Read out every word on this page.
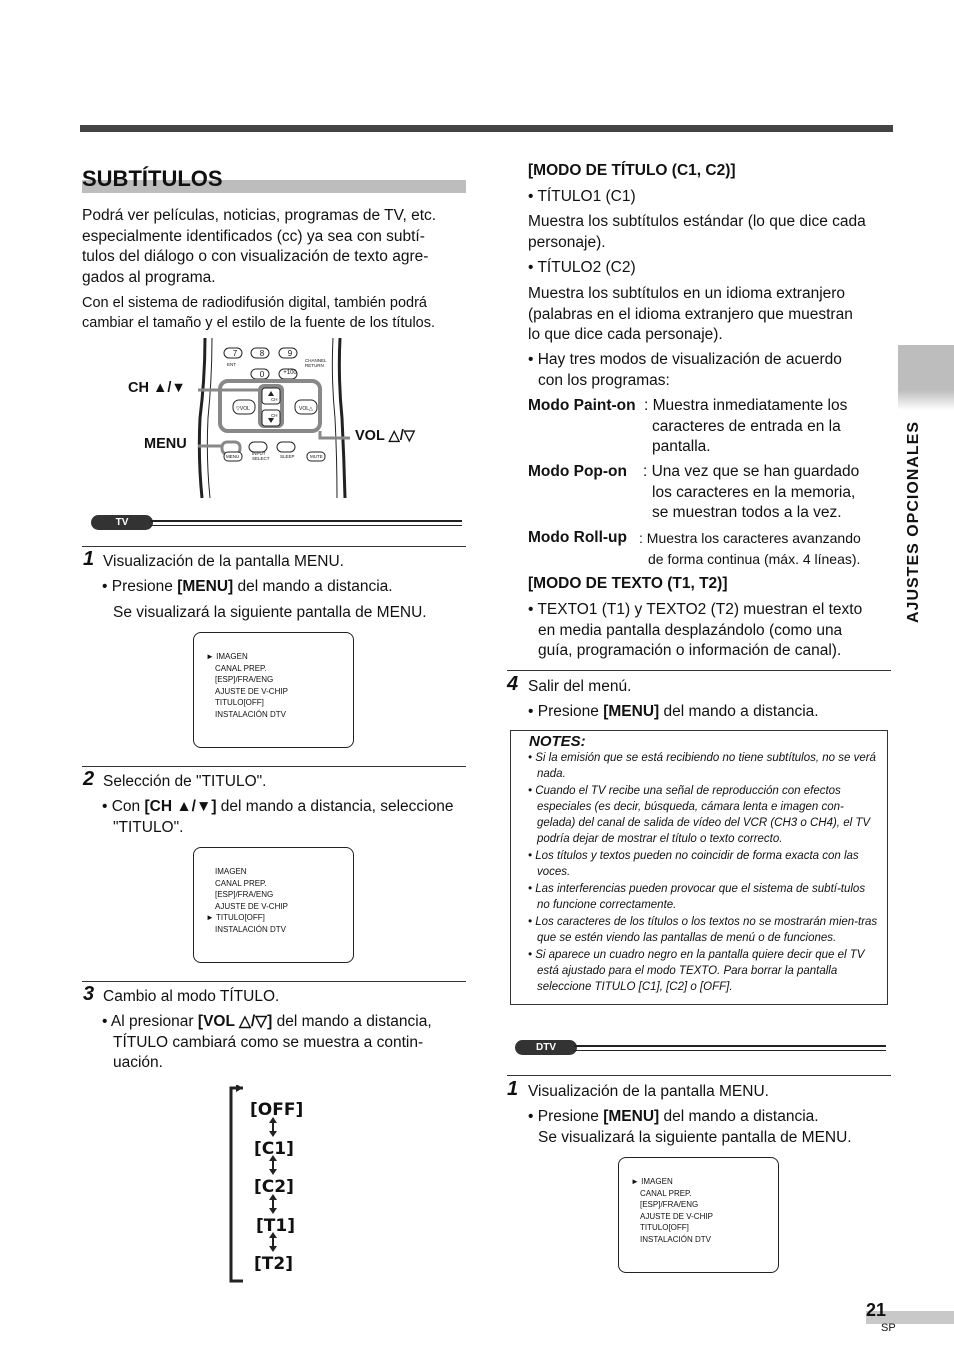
SUBTÍTULOS
Podrá ver películas, noticias, programas de TV, etc.
especialmente identificados (cc) ya sea con subtí-
tulos del diálogo o con visualización de texto agre-
gados al programa.
Con el sistema de radiodifusión digital, también podrá
cambiar el tamaño y el estilo de la fuente de los títulos.
7	8	9
0	+100
ENT
CHANNEL RETURN
CH
CH
▽VOL	VOL△
MENU
INPUT SELECT	SLEEP	MUTE
CH ▲/▼
MENU	VOL △/▽
TV
1 Visualización de la pantalla MENU.
• Presione [MENU] del mando a distancia.
Se visualizará la siguiente pantalla de MENU.
► IMAGEN
CANAL PREP.
[ESP]/FRA/ENG
AJUSTE DE V-CHIP
TITULO[OFF]
INSTALACIÓN DTV
2 Selección de "TITULO".
• Con [CH ▲/▼] del mando a distancia, seleccione
"TITULO".
IMAGEN
CANAL PREP.
[ESP]/FRA/ENG
AJUSTE DE V-CHIP
► TITULO[OFF]
INSTALACIÓN DTV
3 Cambio al modo TÍTULO.
• Al presionar [VOL △/▽] del mando a distancia,
TÍTULO cambiará como se muestra a contin-
uación.
[OFF]
[C1]
[C2]
[T1]
[T2]
[MODO DE TÍTULO (C1, C2)]
• TÍTULO1 (C1)
Muestra los subtítulos estándar (lo que dice cada
personaje).
• TÍTULO2 (C2)
Muestra los subtítulos en un idioma extranjero
(palabras en el idioma extranjero que muestran
lo que dice cada personaje).
• Hay tres modos de visualización de acuerdo
con los programas:
Modo Paint-on : Muestra inmediatamente los
caracteres de entrada en la
pantalla.
Modo Pop-on : Una vez que se han guardado
los caracteres en la memoria,
se muestran todos a la vez.
Modo Roll-up : Muestra los caracteres avanzando
de forma continua (máx. 4 líneas).
[MODO DE TEXTO (T1, T2)]
• TEXTO1 (T1) y TEXTO2 (T2) muestran el texto
en media pantalla desplazándolo (como una
guía, programación o información de canal).
4 Salir del menú.
• Presione [MENU] del mando a distancia.
NOTES:
• Si la emisión que se está recibiendo no tiene subtítulos, no se verá nada.
• Cuando el TV recibe una señal de reproducción con efectos especiales (es decir, búsqueda, cámara lenta e imagen con-gelada) del canal de salida de vídeo del VCR (CH3 o CH4), el TV podría dejar de mostrar el título o texto correcto.
• Los títulos y textos pueden no coincidir de forma exacta con las voces.
• Las interferencias pueden provocar que el sistema de subtí-tulos no funcione correctamente.
• Los caracteres de los títulos o los textos no se mostrarán mien-tras que se estén viendo las pantallas de menú o de funciones.
• Si aparece un cuadro negro en la pantalla quiere decir que el TV está ajustado para el modo TEXTO. Para borrar la pantalla seleccione TITULO [C1], [C2] o [OFF].
DTV
1 Visualización de la pantalla MENU.
• Presione [MENU] del mando a distancia.
Se visualizará la siguiente pantalla de MENU.
► IMAGEN
CANAL PREP.
[ESP]/FRA/ENG
AJUSTE DE V-CHIP
TITULO[OFF]
INSTALACIÓN DTV
AJUSTES OPCIONALES
21
SP
